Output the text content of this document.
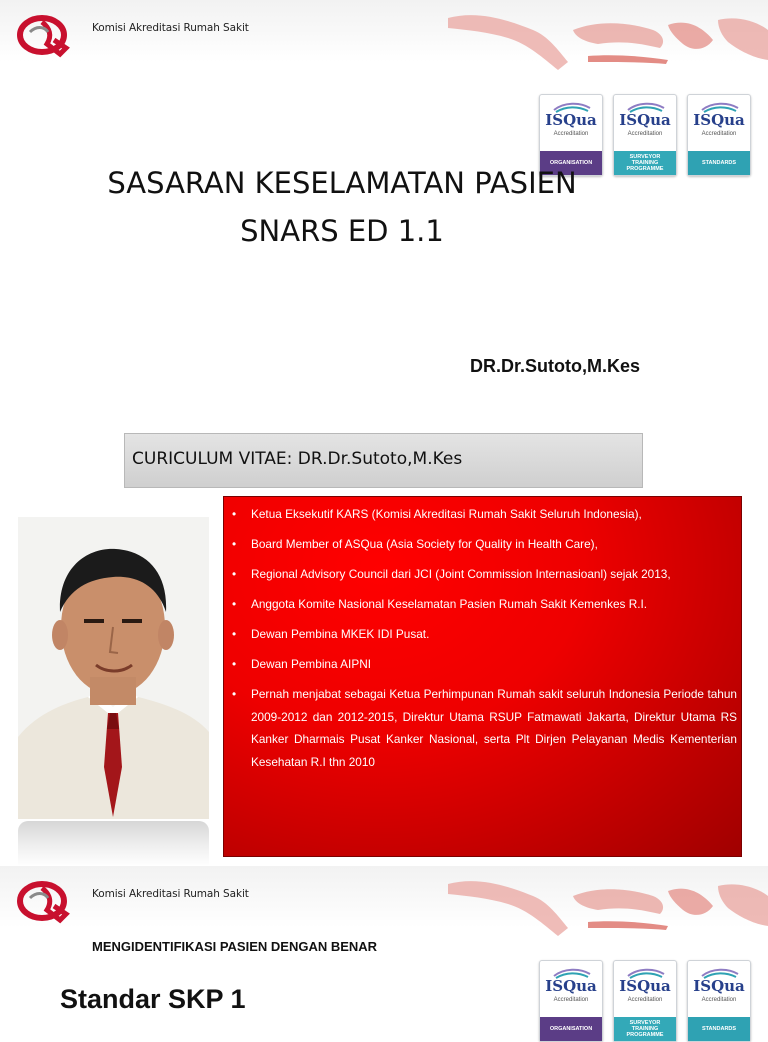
Komisi Akreditasi Rumah Sakit
ISQua
Accreditation
ORGANISATION
ISQua
Accreditation
SURVEYOR TRAINING PROGRAMME
ISQua
Accreditation
STANDARDS
SASARAN KESELAMATAN PASIEN
SNARS ED 1.1
DR.Dr.Sutoto,M.Kes
CURICULUM VITAE: DR.Dr.Sutoto,M.Kes
• Ketua Eksekutif KARS (Komisi Akreditasi Rumah Sakit Seluruh Indonesia),
• Board Member of ASQua (Asia Society for Quality in Health Care),
• Regional Advisory Council dari JCI (Joint Commission Internasioanl) sejak 2013,
• Anggota Komite Nasional Keselamatan Pasien Rumah Sakit Kemenkes R.I.
• Dewan Pembina MKEK IDI Pusat.
• Dewan Pembina AIPNI
• Pernah menjabat sebagai Ketua Perhimpunan Rumah sakit seluruh Indonesia Periode tahun 2009-2012 dan 2012-2015, Direktur Utama RSUP Fatmawati Jakarta, Direktur Utama RS Kanker Dharmais Pusat Kanker Nasional, serta Plt Dirjen Pelayanan Medis Kementerian Kesehatan R.I thn 2010
Komisi Akreditasi Rumah Sakit
MENGIDENTIFIKASI PASIEN DENGAN BENAR
Standar SKP 1	ISQua
Accreditation
ORGANISATION
ISQua
Accreditation
SURVEYOR TRAINING PROGRAMME
ISQua
Accreditation
STANDARDS
